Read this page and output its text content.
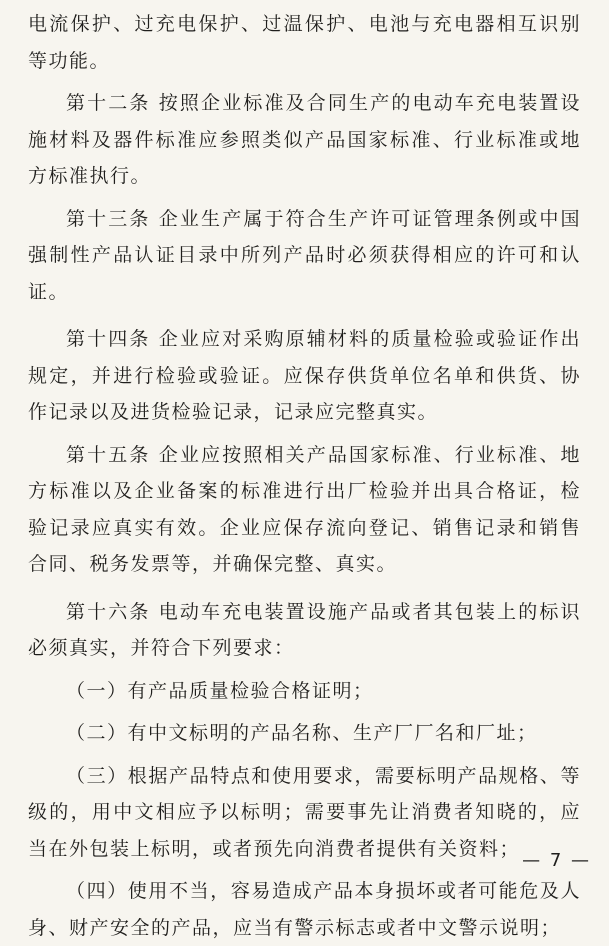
电流保护、过充电保护、过温保护、电池与充电器相互识别等功能。

第十二条 按照企业标准及合同生产的电动车充电装置设施材料及器件标准应参照类似产品国家标准、行业标准或地方标准执行。

第十三条 企业生产属于符合生产许可证管理条例或中国强制性产品认证目录中所列产品时必须获得相应的许可和认证。

第十四条 企业应对采购原辅材料的质量检验或验证作出规定，并进行检验或验证。应保存供货单位名单和供货、协作记录以及进货检验记录，记录应完整真实。

第十五条 企业应按照相关产品国家标准、行业标准、地方标准以及企业备案的标准进行出厂检验并出具合格证，检验记录应真实有效。企业应保存流向登记、销售记录和销售合同、税务发票等，并确保完整、真实。

第十六条 电动车充电装置设施产品或者其包装上的标识必须真实，并符合下列要求：

（一）有产品质量检验合格证明；

（二）有中文标明的产品名称、生产厂厂名和厂址；

（三）根据产品特点和使用要求，需要标明产品规格、等级的，用中文相应予以标明；需要事先让消费者知晓的，应当在外包装上标明，或者预先向消费者提供有关资料；

（四）使用不当，容易造成产品本身损坏或者可能危及人身、财产安全的产品，应当有警示标志或者中文警示说明；

— 7 —
